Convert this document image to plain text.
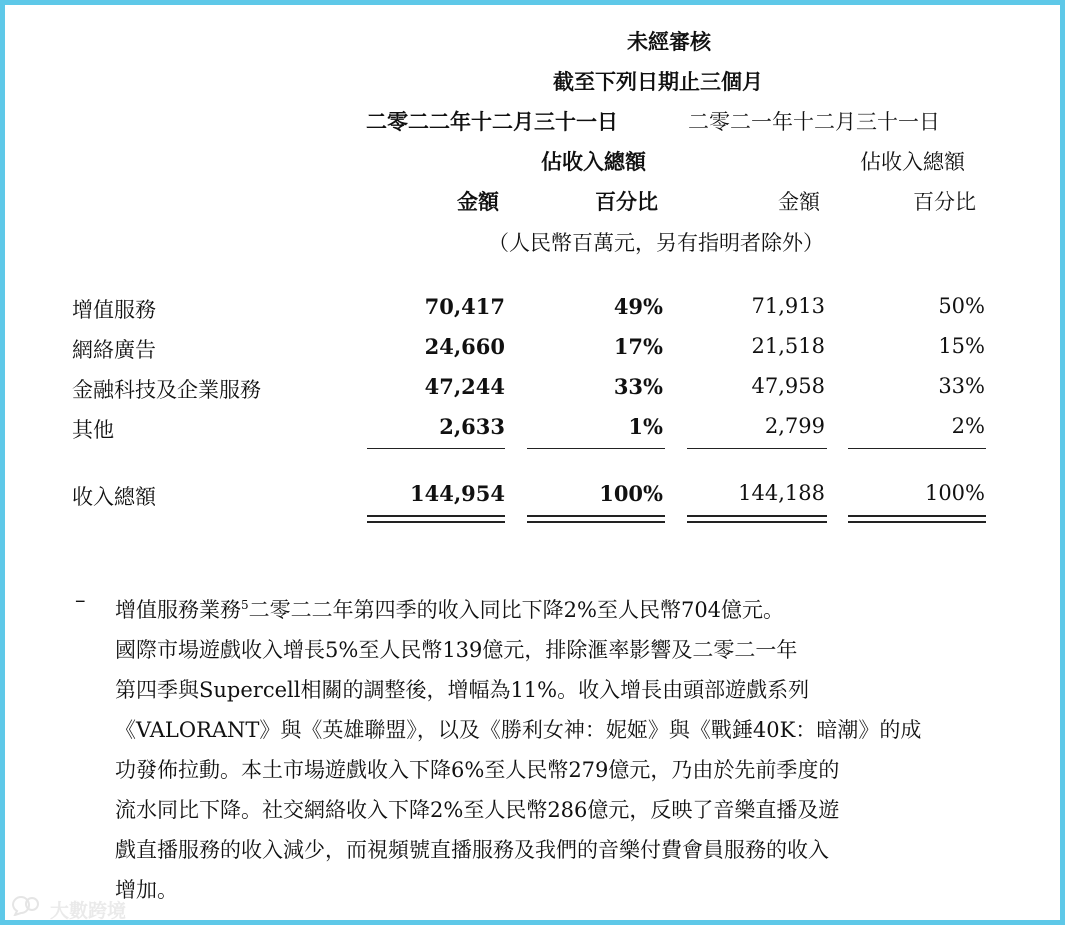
未經審核
截至下列日期止三個月
二零二二年十二月三十一日	二零二一年十二月三十一日
佔收入總額	佔收入總額
金額	百分比	金額	百分比
（人民幣百萬元，另有指明者除外）
增值服務	70,417	49%	71,913	50%
網絡廣告	24,660	17%	21,518	15%
金融科技及企業服務	47,244	33%	47,958	33%
其他	2,633	1%	2,799	2%
收入總額	144,954	100%	144,188	100%
– 增值服務業務$^5$二零二二年第四季的收入同比下降2%至人民幣704億元。

國際市場遊戲收入增長5%至人民幣139億元，排除滙率影響及二零二一年

第四季與Supercell相關的調整後，增幅為11%。收入增長由頭部遊戲系列

《VALORANT》與《英雄聯盟》，以及《勝利女神：妮姬》與《戰錘40K：暗潮》的成

功發佈拉動。本土市場遊戲收入下降6%至人民幣279億元，乃由於先前季度的

流水同比下降。社交網絡收入下降2%至人民幣286億元，反映了音樂直播及遊

戲直播服務的收入減少，而視頻號直播服務及我們的音樂付費會員服務的收入

增加。

大數跨境
